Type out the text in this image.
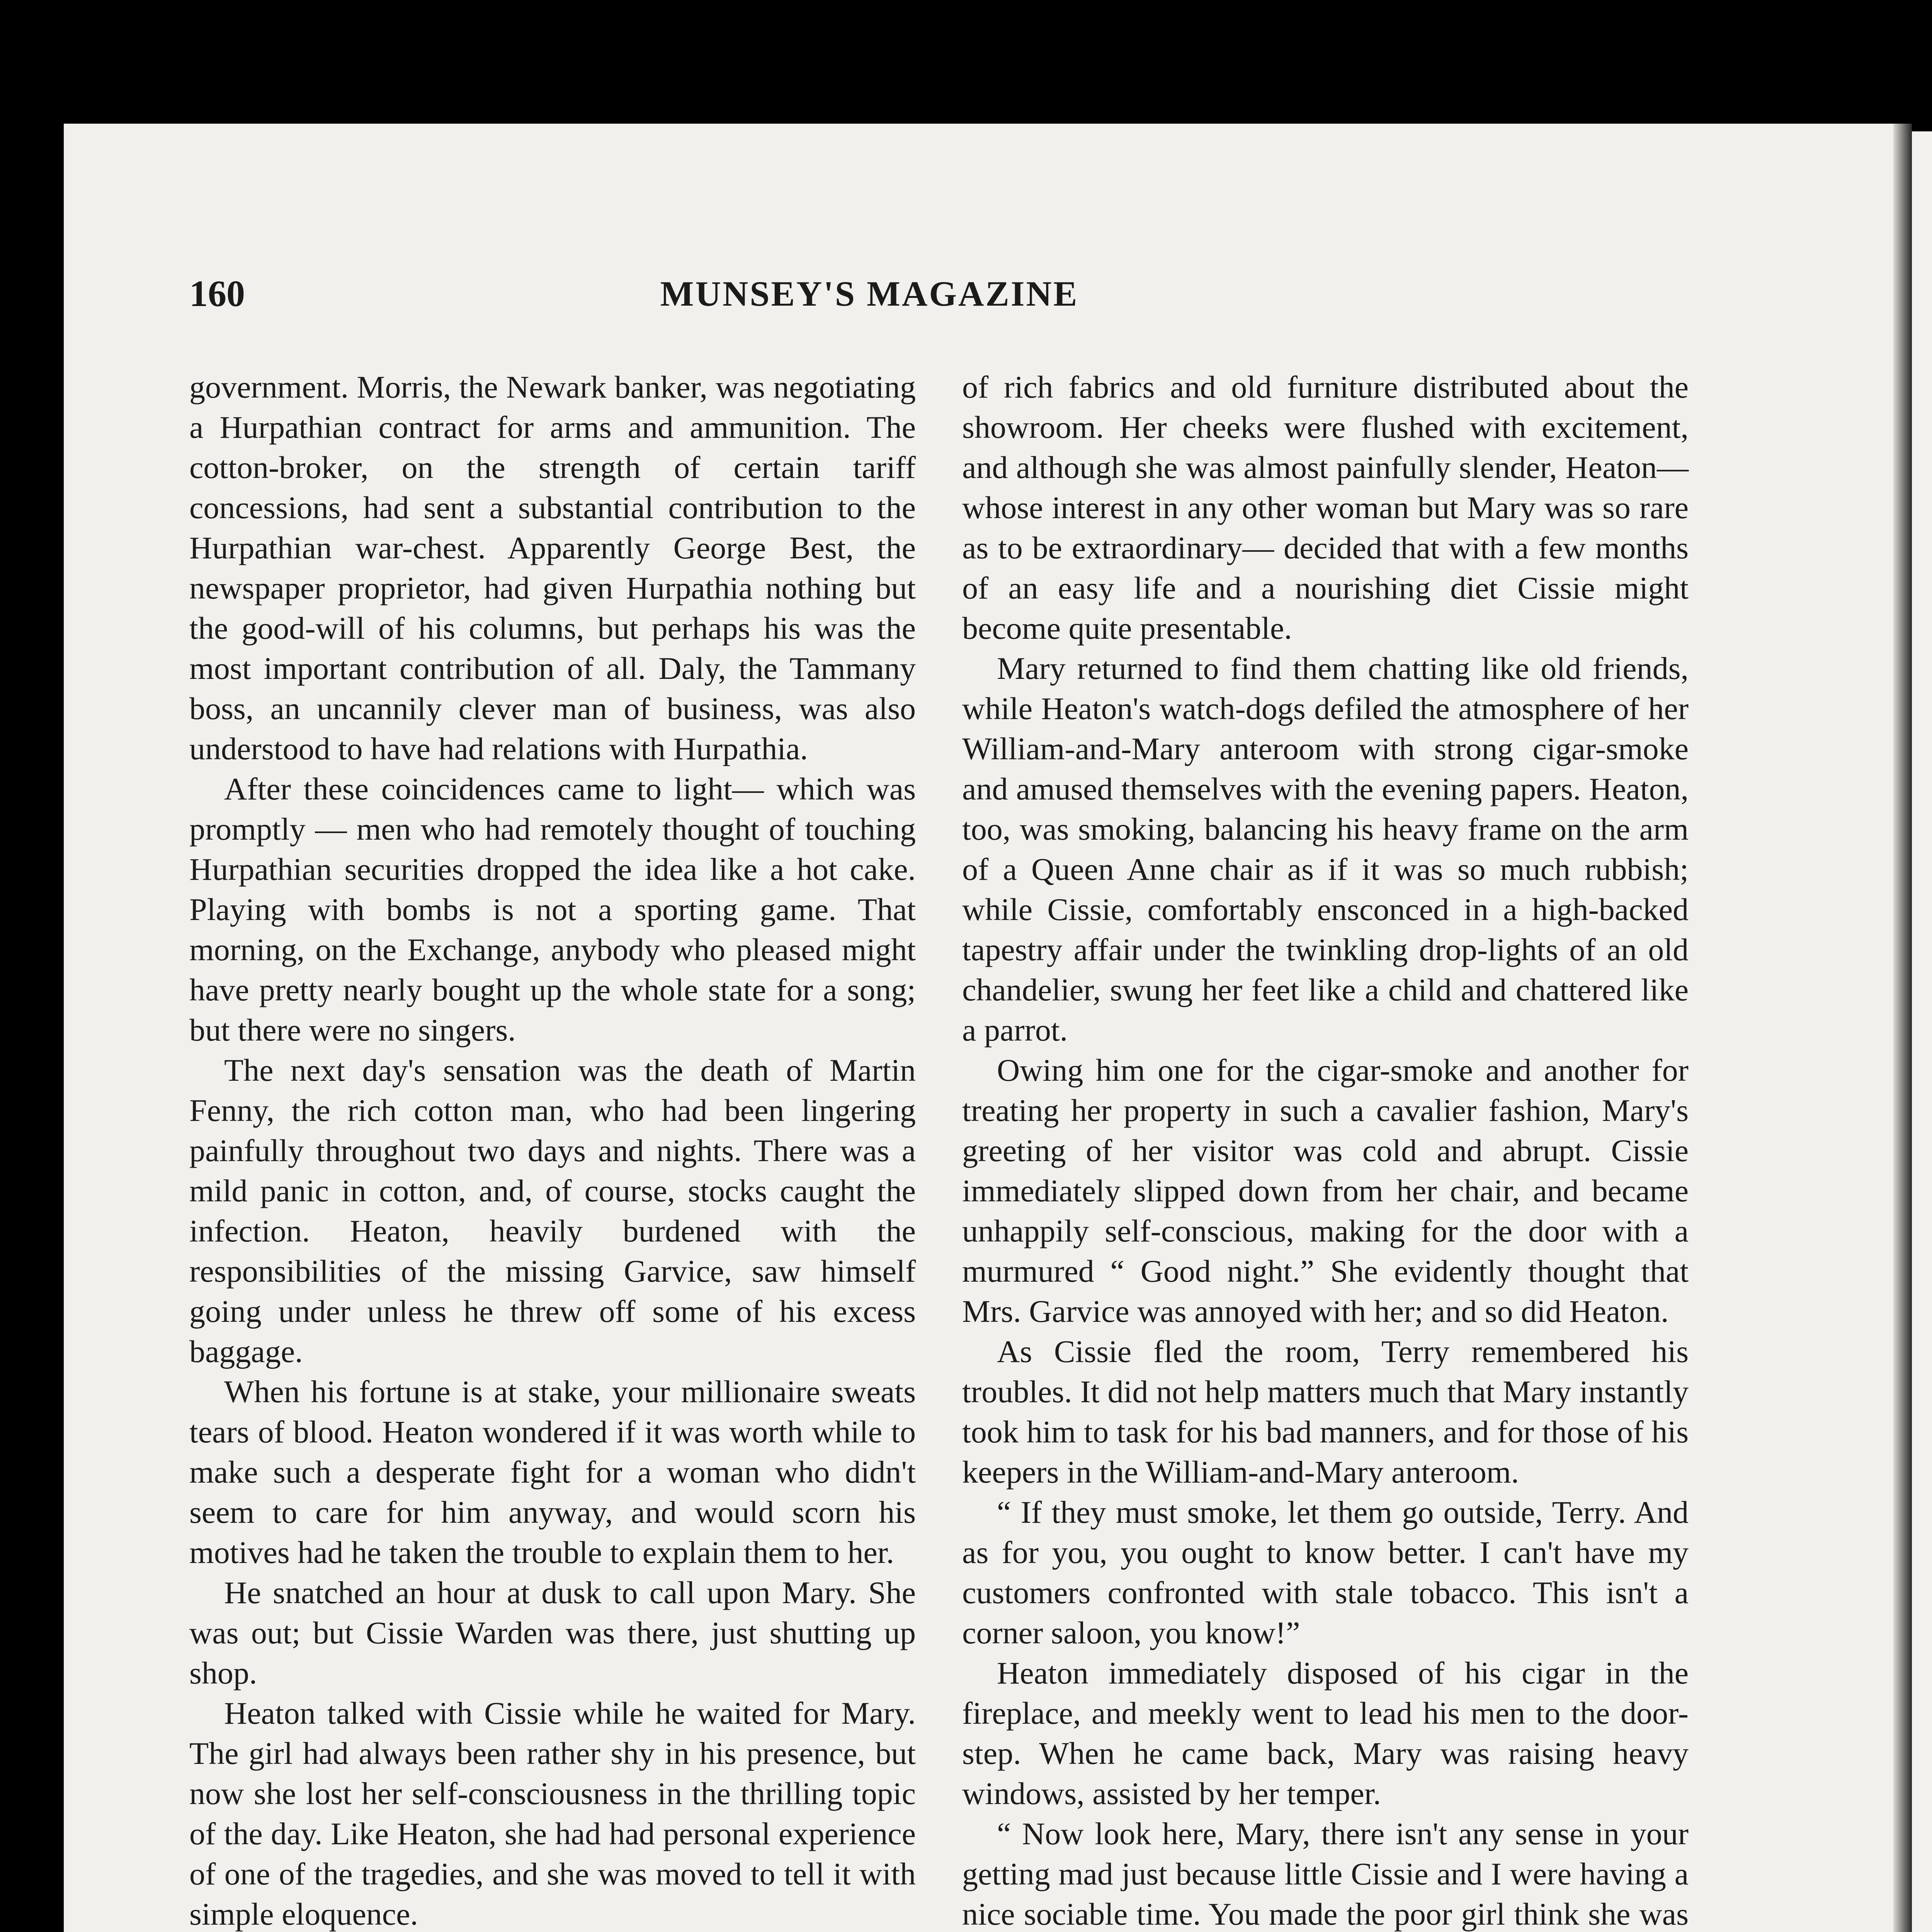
160	MUNSEY'S MAGAZINE

government. Morris, the Newark banker, was negotiating a Hurpathian contract for arms and ammunition. The cotton-broker, on the strength of certain tariff concessions, had sent a substantial contribution to the Hurpathian war-chest. Apparently George Best, the newspaper proprietor, had given Hurpathia nothing but the good-will of his columns, but perhaps his was the most important contribution of all. Daly, the Tammany boss, an uncannily clever man of business, was also understood to have had relations with Hurpathia.

After these coincidences came to light— which was promptly — men who had remotely thought of touching Hurpathian securities dropped the idea like a hot cake. Playing with bombs is not a sporting game. That morning, on the Exchange, anybody who pleased might have pretty nearly bought up the whole state for a song; but there were no singers.

The next day's sensation was the death of Martin Fenny, the rich cotton man, who had been lingering painfully throughout two days and nights. There was a mild panic in cotton, and, of course, stocks caught the infection. Heaton, heavily burdened with the responsibilities of the missing Garvice, saw himself going under unless he threw off some of his excess baggage.

When his fortune is at stake, your millionaire sweats tears of blood. Heaton wondered if it was worth while to make such a desperate fight for a woman who didn't seem to care for him anyway, and would scorn his motives had he taken the trouble to explain them to her.

He snatched an hour at dusk to call upon Mary. She was out; but Cissie Warden was there, just shutting up shop.

Heaton talked with Cissie while he waited for Mary. The girl had always been rather shy in his presence, but now she lost her self-consciousness in the thrilling topic of the day. Like Heaton, she had had personal experience of one of the tragedies, and she was moved to tell it with simple eloquence.

of rich fabrics and old furniture distributed about the showroom. Her cheeks were flushed with excitement, and although she was almost painfully slender, Heaton— whose interest in any other woman but Mary was so rare as to be extraordinary— decided that with a few months of an easy life and a nourishing diet Cissie might become quite presentable.

Mary returned to find them chatting like old friends, while Heaton's watch-dogs defiled the atmosphere of her William-and-Mary anteroom with strong cigar-smoke and amused themselves with the evening papers. Heaton, too, was smoking, balancing his heavy frame on the arm of a Queen Anne chair as if it was so much rubbish; while Cissie, comfortably ensconced in a high-backed tapestry affair under the twinkling drop-lights of an old chandelier, swung her feet like a child and chattered like a parrot.

Owing him one for the cigar-smoke and another for treating her property in such a cavalier fashion, Mary's greeting of her visitor was cold and abrupt. Cissie immediately slipped down from her chair, and became unhappily self-conscious, making for the door with a murmured “ Good night.” She evidently thought that Mrs. Garvice was annoyed with her; and so did Heaton.

As Cissie fled the room, Terry remembered his troubles. It did not help matters much that Mary instantly took him to task for his bad manners, and for those of his keepers in the William-and-Mary anteroom.

“ If they must smoke, let them go outside, Terry. And as for you, you ought to know better. I can't have my customers confronted with stale tobacco. This isn't a corner saloon, you know!”

Heaton immediately disposed of his cigar in the fireplace, and meekly went to lead his men to the door-step. When he came back, Mary was raising heavy windows, assisted by her temper.

“ Now look here, Mary, there isn't any sense in your getting mad just because little Cissie and I were having a nice sociable time. You made the poor girl think she was
